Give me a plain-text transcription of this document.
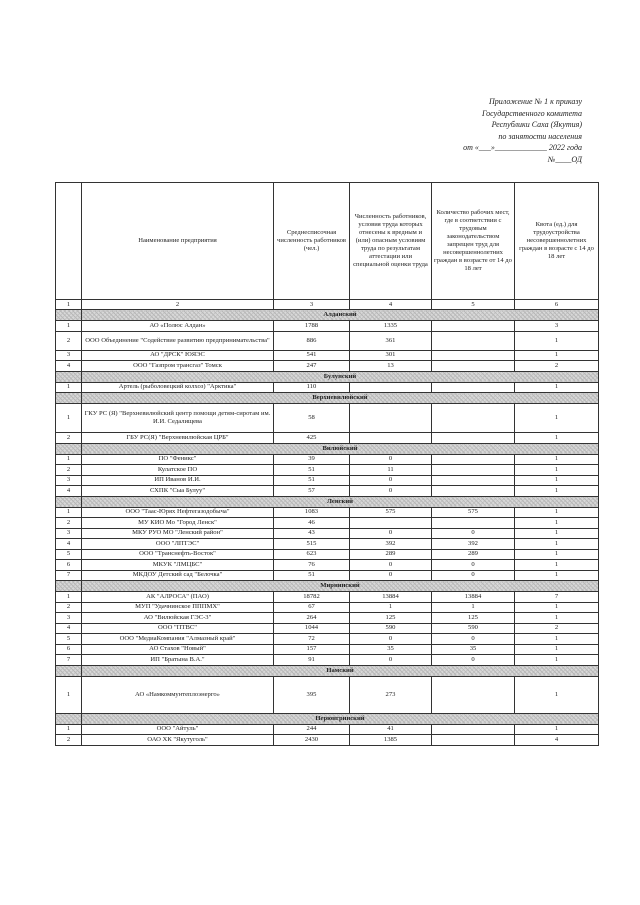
Приложение № 1 к приказу
Государственного комитета
Республики Саха (Якутия)
по занятости населения
от «___»_____________ 2022 года
№____ОД
	Наименование предприятия	Среднесписочная численность работников (чел.)	Численность работников, условия труда которых отнесены к вредным и (или) опасным условиям труда по результатам аттестации или специальной оценки труда	Количество рабочих мест, где в соответствии с трудовым законодательством запрещен труд для несовершеннолетних граждан в возрасте от 14 до 18 лет	Квота (ед.) для трудоустройства несовершеннолетних граждан в возрасте с 14 до 18 лет
1	2	3	4	5	6
	Алданский				
1	АО «Полюс Алдан»	1788	1335		3
2	ООО Объединение "Содействие развитию предпринимательства"	886	361		1
3	АО "ДРСК" ЮЯЭС	541	301		1
4	ООО "Газпром трансгаз" Томск	247	13		2
	Булунский				
1	Артель (рыболовецкий колхоз) "Арктика"	110			1
	Верхневилюйский				
1	ГКУ РС (Я) "Верхневилюйский центр помощи детям-сиротам им. И.И. Седалищева	58			1
2	ГБУ РС(Я) "Верхневилюйская ЦРБ"	425			1
	Вилюйский				
1	ПО "Феникс"	39	0		1
2	Кулатское ПО	51	11		1
3	ИП Иванов И.И.	51	0		1
4	СХПК "Сыа Булуу"	57	0		1
	Ленский				
1	ООО "Таас-Юрях Нефтегазодобыча"	1083	575	575	1
2	МУ КИО Мо "Город Ленск"	46			1
3	МКУ РУО МО "Ленский район"	43	0	0	1
4	ООО "ЛПТЭС"	515	392	392	1
5	ООО "Транснефть-Восток"	623	289	289	1
6	МКУК "ЛМЦБС"	76	0	0	1
7	МКДОУ Детский сад "Белочка"	51	0	0	1
	Мирнинский				
1	АК "АЛРОСА" (ПАО)	18782	13884	13884	7
2	МУП "Удачнинское ПППМХ"	67	1	1	1
3	АО "Вилюйская ГЭС-3"	264	125	125	1
4	ООО "ПТВС"	1044	590	590	2
5	ООО "МедиаКомпания "Алмазный край"	72	0	0	1
6	АО Стахов "Новый"	157	35	35	1
7	ИП "Братына В.А."	91	0	0	1
	Намский				
1	АО «Намкоммунтеплоэнерго»	395	273		1
	Нерюнгринский				
1	ООО "Айтуль"	244	41		1
2	ОАО ХК "Якутуголь"	2430	1385		4
